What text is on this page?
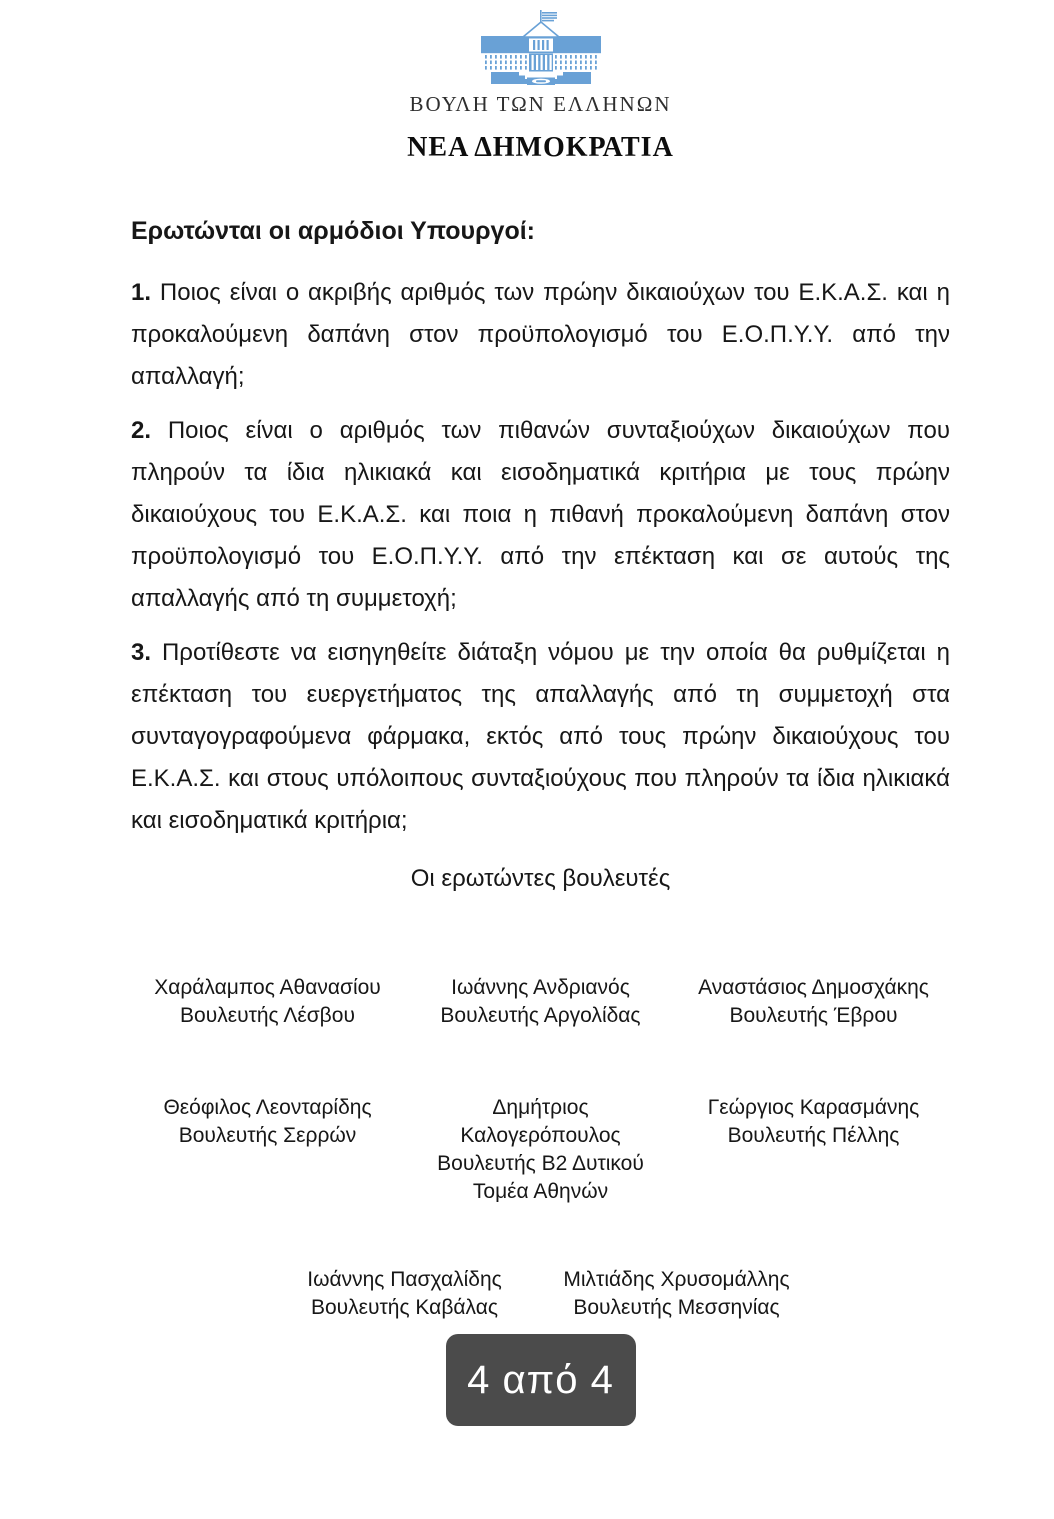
ΒΟΥΛΗ ΤΩΝ ΕΛΛΗΝΩΝ
ΝΕΑ ΔΗΜΟΚΡΑΤΙΑ
Ερωτώνται οι αρμόδιοι Υπουργοί:

1. Ποιος είναι ο ακριβής αριθμός των πρώην δικαιούχων του Ε.Κ.Α.Σ. και η προκαλούμενη δαπάνη στον προϋπολογισμό του Ε.Ο.Π.Υ.Υ. από την απαλλαγή;

2. Ποιος είναι ο αριθμός των πιθανών συνταξιούχων δικαιούχων που πληρούν τα ίδια ηλικιακά και εισοδηματικά κριτήρια με τους πρώην δικαιούχους του Ε.Κ.Α.Σ. και ποια η πιθανή προκαλούμενη δαπάνη στον προϋπολογισμό του Ε.Ο.Π.Υ.Υ. από την επέκταση και σε αυτούς της απαλλαγής από τη συμμετοχή;

3. Προτίθεστε να εισηγηθείτε διάταξη νόμου με την οποία θα ρυθμίζεται η επέκταση του ευεργετήματος της απαλλαγής από τη συμμετοχή στα συνταγογραφούμενα φάρμακα, εκτός από τους πρώην δικαιούχους του Ε.Κ.Α.Σ. και στους υπόλοιπους συνταξιούχους που πληρούν τα ίδια ηλικιακά και εισοδηματικά κριτήρια;

Οι ερωτώντες βουλευτές
Χαράλαμπος Αθανασίου
Βουλευτής Λέσβου
Ιωάννης Ανδριανός
Βουλευτής Αργολίδας
Αναστάσιος Δημοσχάκης
Βουλευτής Έβρου
Θεόφιλος Λεονταρίδης
Βουλευτής Σερρών
Δημήτριος Καλογερόπουλος
Βουλευτής Β2 Δυτικού Τομέα Αθηνών
Γεώργιος Καρασμάνης
Βουλευτής Πέλλης
Ιωάννης Πασχαλίδης
Βουλευτής Καβάλας
Μιλτιάδης Χρυσομάλλης
Βουλευτής Μεσσηνίας
4 από 4
